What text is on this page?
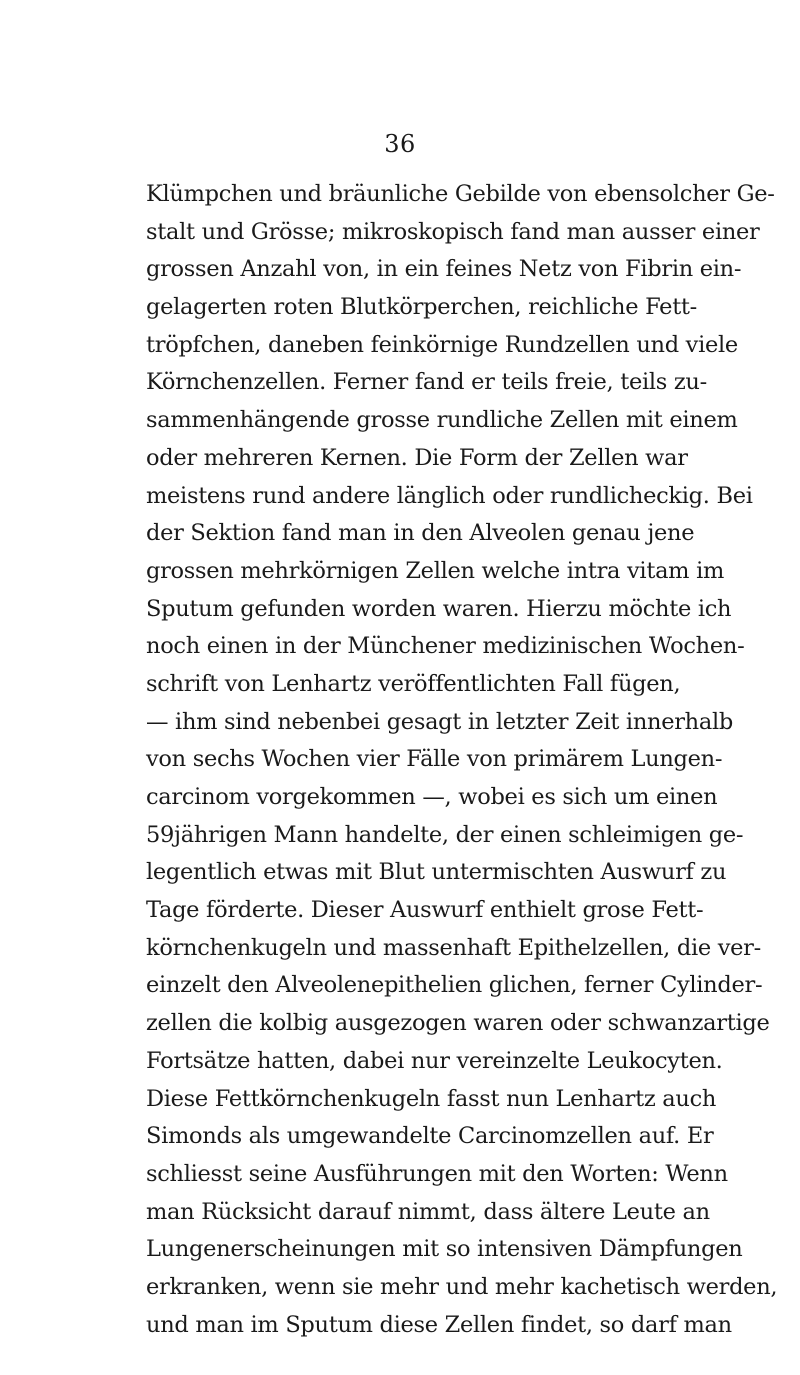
36
Klümpchen und bräunliche Gebilde von ebensolcher Ge-
stalt und Grösse; mikroskopisch fand man ausser einer
grossen Anzahl von, in ein feines Netz von Fibrin ein-
gelagerten roten Blutkörperchen, reichliche Fett-
tröpfchen, daneben feinkörnige Rundzellen und viele
Körnchenzellen. Ferner fand er teils freie, teils zu-
sammenhängende grosse rundliche Zellen mit einem
oder mehreren Kernen. Die Form der Zellen war
meistens rund andere länglich oder rundlicheckig. Bei
der Sektion fand man in den Alveolen genau jene
grossen mehrkörnigen Zellen welche intra vitam im
Sputum gefunden worden waren. Hierzu möchte ich
noch einen in der Münchener medizinischen Wochen-
schrift von Lenhartz veröffentlichten Fall fügen,
— ihm sind nebenbei gesagt in letzter Zeit innerhalb
von sechs Wochen vier Fälle von primärem Lungen-
carcinom vorgekommen —, wobei es sich um einen
59jährigen Mann handelte, der einen schleimigen ge-
legentlich etwas mit Blut untermischten Auswurf zu
Tage förderte. Dieser Auswurf enthielt grose Fett-
körnchenkugeln und massenhaft Epithelzellen, die ver-
einzelt den Alveolenepithelien glichen, ferner Cylinder-
zellen die kolbig ausgezogen waren oder schwanzartige
Fortsätze hatten, dabei nur vereinzelte Leukocyten.
Diese Fettkörnchenkugeln fasst nun Lenhartz auch
Simonds als umgewandelte Carcinomzellen auf. Er
schliesst seine Ausführungen mit den Worten: Wenn
man Rücksicht darauf nimmt, dass ältere Leute an
Lungenerscheinungen mit so intensiven Dämpfungen
erkranken, wenn sie mehr und mehr kachetisch werden,
und man im Sputum diese Zellen findet, so darf man
